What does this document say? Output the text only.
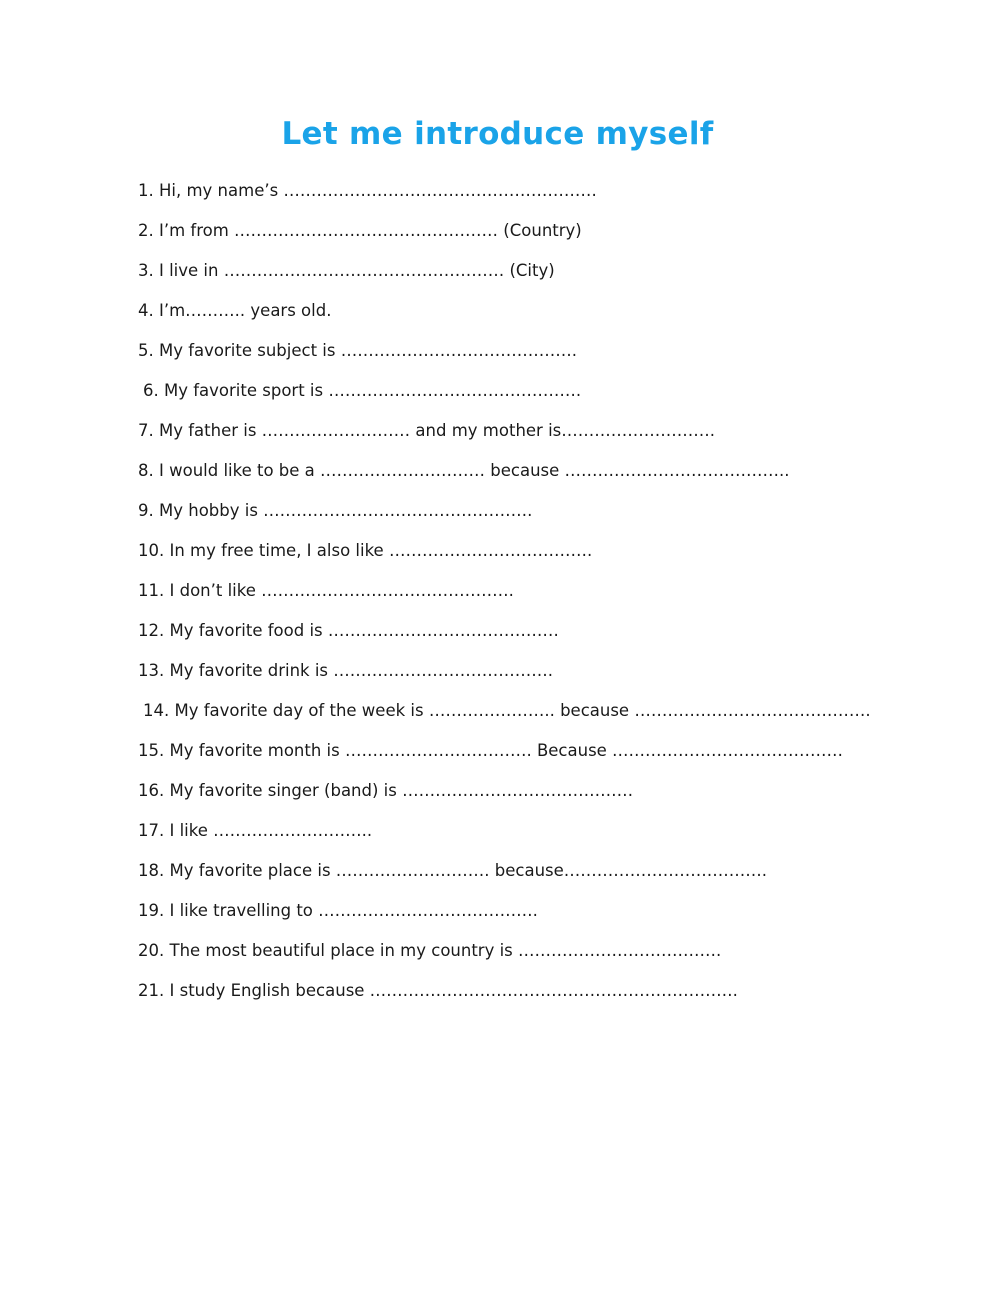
Let me introduce myself
1. Hi, my name’s …………………………………………………
2. I’m from ………………………………………… (Country)
3. I live in …………………………………………… (City)
4. I’m……….. years old.
5. My favorite subject is …………………………………….
6. My favorite sport is ……………………………………….
7. My father is ……………………… and my mother is……………………….
8. I would like to be a ………………………… because …………………………………..
9. My hobby is ………………………………………….
10. In my free time, I also like ……………………………….
11. I don’t like ……………………………………….
12. My favorite food is ……………………………………
13. My favorite drink is ………………………………….
14. My favorite day of the week is ………………….. because …………………………………….
15. My favorite month is ……………………………. Because ……………………………………
16. My favorite singer (band) is ……………………………………
17. I like ………………………..
18. My favorite place is ………………………. because……………………………….
19. I like travelling to ………………………………….
20. The most beautiful place in my country is ……………………………….
21. I study English because ………………………………………………………….
